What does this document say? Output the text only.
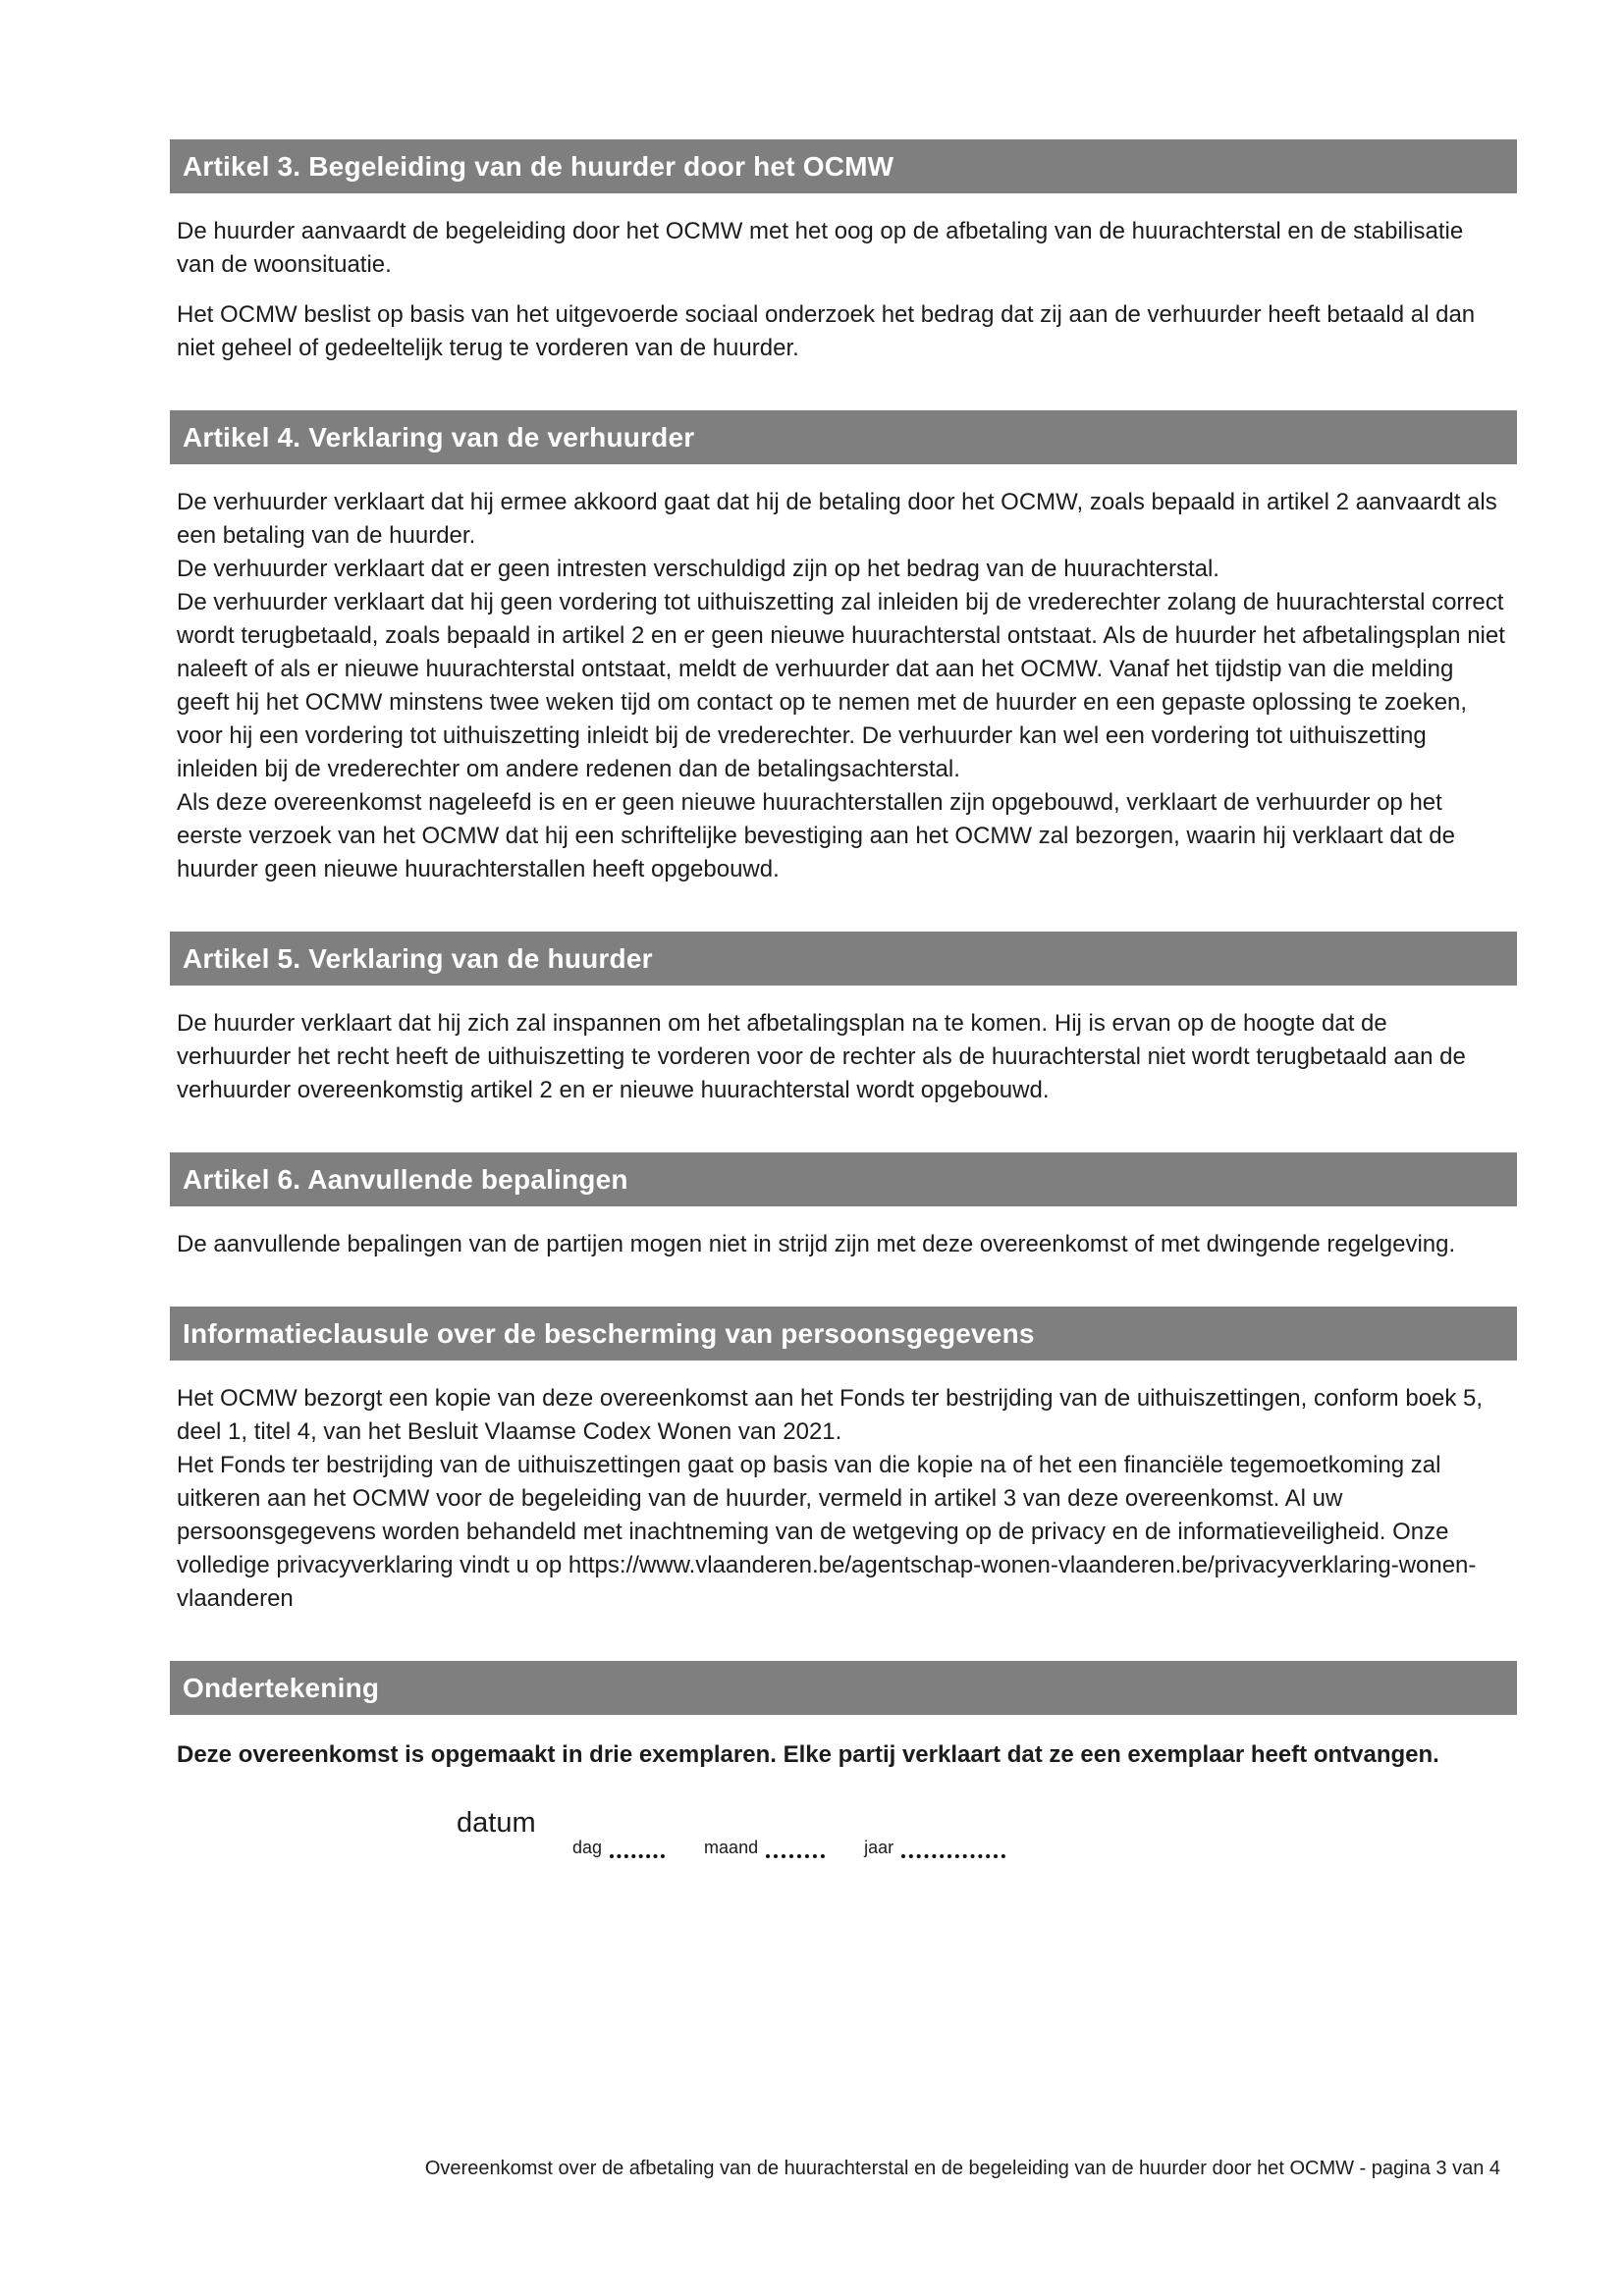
Artikel 3. Begeleiding van de huurder door het OCMW

De huurder aanvaardt de begeleiding door het OCMW met het oog op de afbetaling van de huurachterstal en de stabilisatie van de woonsituatie.

Het OCMW beslist op basis van het uitgevoerde sociaal onderzoek het bedrag dat zij aan de verhuurder heeft betaald al dan niet geheel of gedeeltelijk terug te vorderen van de huurder.

Artikel 4. Verklaring van de verhuurder

De verhuurder verklaart dat hij ermee akkoord gaat dat hij de betaling door het OCMW, zoals bepaald in artikel 2 aanvaardt als een betaling van de huurder.

De verhuurder verklaart dat er geen intresten verschuldigd zijn op het bedrag van de huurachterstal.

De verhuurder verklaart dat hij geen vordering tot uithuiszetting zal inleiden bij de vrederechter zolang de huurachterstal correct wordt terugbetaald, zoals bepaald in artikel 2 en er geen nieuwe huurachterstal ontstaat. Als de huurder het afbetalingsplan niet naleeft of als er nieuwe huurachterstal ontstaat, meldt de verhuurder dat aan het OCMW. Vanaf het tijdstip van die melding geeft hij het OCMW minstens twee weken tijd om contact op te nemen met de huurder en een gepaste oplossing te zoeken, voor hij een vordering tot uithuiszetting inleidt bij de vrederechter. De verhuurder kan wel een vordering tot uithuiszetting inleiden bij de vrederechter om andere redenen dan de betalingsachterstal.

Als deze overeenkomst nageleefd is en er geen nieuwe huurachterstallen zijn opgebouwd, verklaart de verhuurder op het eerste verzoek van het OCMW dat hij een schriftelijke bevestiging aan het OCMW zal bezorgen, waarin hij verklaart dat de huurder geen nieuwe huurachterstallen heeft opgebouwd.

Artikel 5. Verklaring van de huurder

De huurder verklaart dat hij zich zal inspannen om het afbetalingsplan na te komen. Hij is ervan op de hoogte dat de verhuurder het recht heeft de uithuiszetting te vorderen voor de rechter als de huurachterstal niet wordt terugbetaald aan de verhuurder overeenkomstig artikel 2 en er nieuwe huurachterstal wordt opgebouwd.

Artikel 6. Aanvullende bepalingen

De aanvullende bepalingen van de partijen mogen niet in strijd zijn met deze overeenkomst of met dwingende regelgeving.

Informatieclausule over de bescherming van persoonsgegevens

Het OCMW bezorgt een kopie van deze overeenkomst aan het Fonds ter bestrijding van de uithuiszettingen, conform boek 5, deel 1, titel 4, van het Besluit Vlaamse Codex Wonen van 2021.

Het Fonds ter bestrijding van de uithuiszettingen gaat op basis van die kopie na of het een financiële tegemoetkoming zal uitkeren aan het OCMW voor de begeleiding van de huurder, vermeld in artikel 3 van deze overeenkomst. Al uw persoonsgegevens worden behandeld met inachtneming van de wetgeving op de privacy en de informatieveiligheid. Onze volledige privacyverklaring vindt u op https://www.vlaanderen.be/agentschap-wonen-vlaanderen.be/privacyverklaring-wonen-vlaanderen

Ondertekening

Deze overeenkomst is opgemaakt in drie exemplaren. Elke partij verklaart dat ze een exemplaar heeft ontvangen.

datum
dag	maand	jaar
Overeenkomst over de afbetaling van de huurachterstal en de begeleiding van de huurder door het OCMW - pagina 3 van 4
